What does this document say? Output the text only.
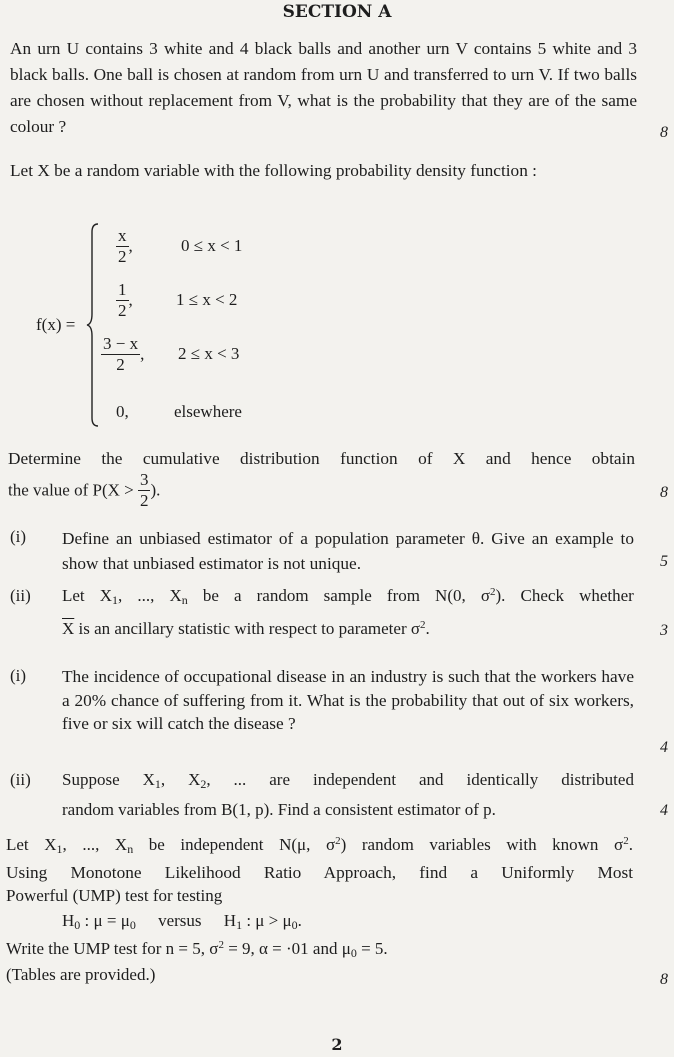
SECTION A
An urn U contains 3 white and 4 black balls and another urn V contains 5 white and 3 black balls. One ball is chosen at random from urn U and transferred to urn V. If two balls are chosen without replacement from V, what is the probability that they are of the same colour ?	8
Let X be a random variable with the following probability density function :
f(x) =
$\frac{x}{2}$ ,	0 ≤ x < 1
$\frac{1}{2}$ ,	1 ≤ x < 2
$\frac{3 - x}{2}$ , 2 ≤ x < 3
0,	elsewhere
Determine the cumulative distribution function of X and hence obtain
the value of $P(X > \frac{3}{2}$ ).	8
(i) Define an unbiased estimator of a population parameter θ. Give an example to show that unbiased estimator is not unique.	5
(ii) Let $X_1$, ..., $X_n$ be a random sample from N(0, $\sigma^2$). Check whether
$\overline{X}$ is an ancillary statistic with respect to parameter $\sigma^2$.	3
(i) The incidence of occupational disease in an industry is such that the workers have a 20% chance of suffering from it. What is the probability that out of six workers, five or six will catch the disease ?
4
(ii) Suppose $X_1$, $X_2$, ... are independent and identically distributed
random variables from B(1, p). Find a consistent estimator of p.	4
Let $X_1$, ..., $X_n$ be independent N(μ, $\sigma^2$) random variables with known $\sigma^2$.
Using Monotone Likelihood Ratio Approach, find a Uniformly Most
Powerful (UMP) test for testing
$H_0$ : $\mu = \mu_0$ versus $H_1$ : $\mu > \mu_0$.
Write the UMP test for n = 5, $\sigma^2 = 9$, α = ·01 and $\mu_0 = 5$.
(Tables are provided.)	8
2
